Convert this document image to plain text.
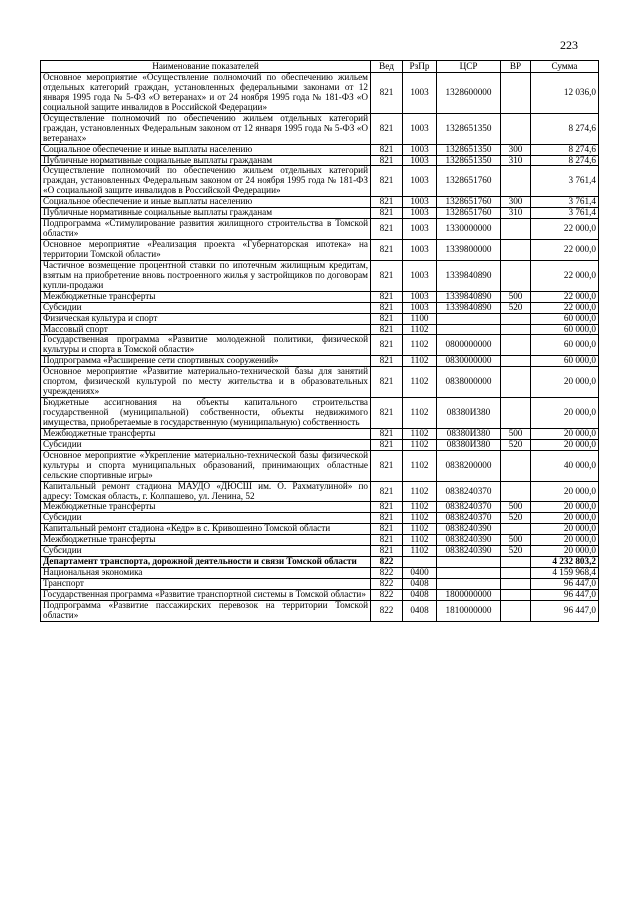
223
Наименование показателей	Вед	РзПр	ЦСР	ВР	Сумма
Основное мероприятие «Осуществление полномочий по обеспечению жильем отдельных категорий граждан, установленных федеральными законами от 12 января 1995 года № 5-ФЗ «О ветеранах» и от 24 ноября 1995 года № 181-ФЗ «О социальной защите инвалидов в Российской Федерации»	821	1003	1328600000		12 036,0
Осуществление полномочий по обеспечению жильем отдельных категорий граждан, установленных Федеральным законом от 12 января 1995 года № 5-ФЗ «О ветеранах»	821	1003	1328651350		8 274,6
Социальное обеспечение и иные выплаты населению	821	1003	1328651350	300	8 274,6
Публичные нормативные социальные выплаты гражданам	821	1003	1328651350	310	8 274,6
Осуществление полномочий по обеспечению жильем отдельных категорий граждан, установленных Федеральным законом от 24 ноября 1995 года № 181-ФЗ «О социальной защите инвалидов в Российской Федерации»	821	1003	1328651760		3 761,4
Социальное обеспечение и иные выплаты населению	821	1003	1328651760	300	3 761,4
Публичные нормативные социальные выплаты гражданам	821	1003	1328651760	310	3 761,4
Подпрограмма «Стимулирование развития жилищного строительства в Томской области»	821	1003	1330000000		22 000,0
Основное мероприятие «Реализация проекта «Губернаторская ипотека» на территории Томской области»	821	1003	1339800000		22 000,0
Частичное возмещение процентной ставки по ипотечным жилищным кредитам, взятым на приобретение вновь построенного жилья у застройщиков по договорам купли-продажи	821	1003	1339840890		22 000,0
Межбюджетные трансферты	821	1003	1339840890	500	22 000,0
Субсидии	821	1003	1339840890	520	22 000,0
Физическая культура и спорт	821	1100			60 000,0
Массовый спорт	821	1102			60 000,0
Государственная программа «Развитие молодежной политики, физической культуры и спорта в Томской области»	821	1102	0800000000		60 000,0
Подпрограмма «Расширение сети спортивных сооружений»	821	1102	0830000000		60 000,0
Основное мероприятие «Развитие материально-технической базы для занятий спортом, физической культурой по месту жительства и в образовательных учреждениях»	821	1102	0838000000		20 000,0
Бюджетные ассигнования на объекты капитального строительства государственной (муниципальной) собственности, объекты недвижимого имущества, приобретаемые в государственную (муниципальную) собственность	821	1102	08380И380		20 000,0
Межбюджетные трансферты	821	1102	08380И380	500	20 000,0
Субсидии	821	1102	08380И380	520	20 000,0
Основное мероприятие «Укрепление материально-технической базы физической культуры и спорта муниципальных образований, принимающих областные сельские спортивные игры»	821	1102	0838200000		40 000,0
Капитальный ремонт стадиона МАУДО «ДЮСШ им. О. Рахматулиной» по адресу: Томская область, г. Колпашево, ул. Ленина, 52	821	1102	0838240370		20 000,0
Межбюджетные трансферты	821	1102	0838240370	500	20 000,0
Субсидии	821	1102	0838240370	520	20 000,0
Капитальный ремонт стадиона «Кедр» в с. Кривошеино Томской области	821	1102	0838240390		20 000,0
Межбюджетные трансферты	821	1102	0838240390	500	20 000,0
Субсидии	821	1102	0838240390	520	20 000,0
Департамент транспорта, дорожной деятельности и связи Томской области	822				4 232 803,2
Национальная экономика	822	0400			4 159 968,4
Транспорт	822	0408			96 447,0
Государственная программа «Развитие транспортной системы в Томской области»	822	0408	1800000000		96 447,0
Подпрограмма «Развитие пассажирских перевозок на территории Томской области»	822	0408	1810000000		96 447,0
